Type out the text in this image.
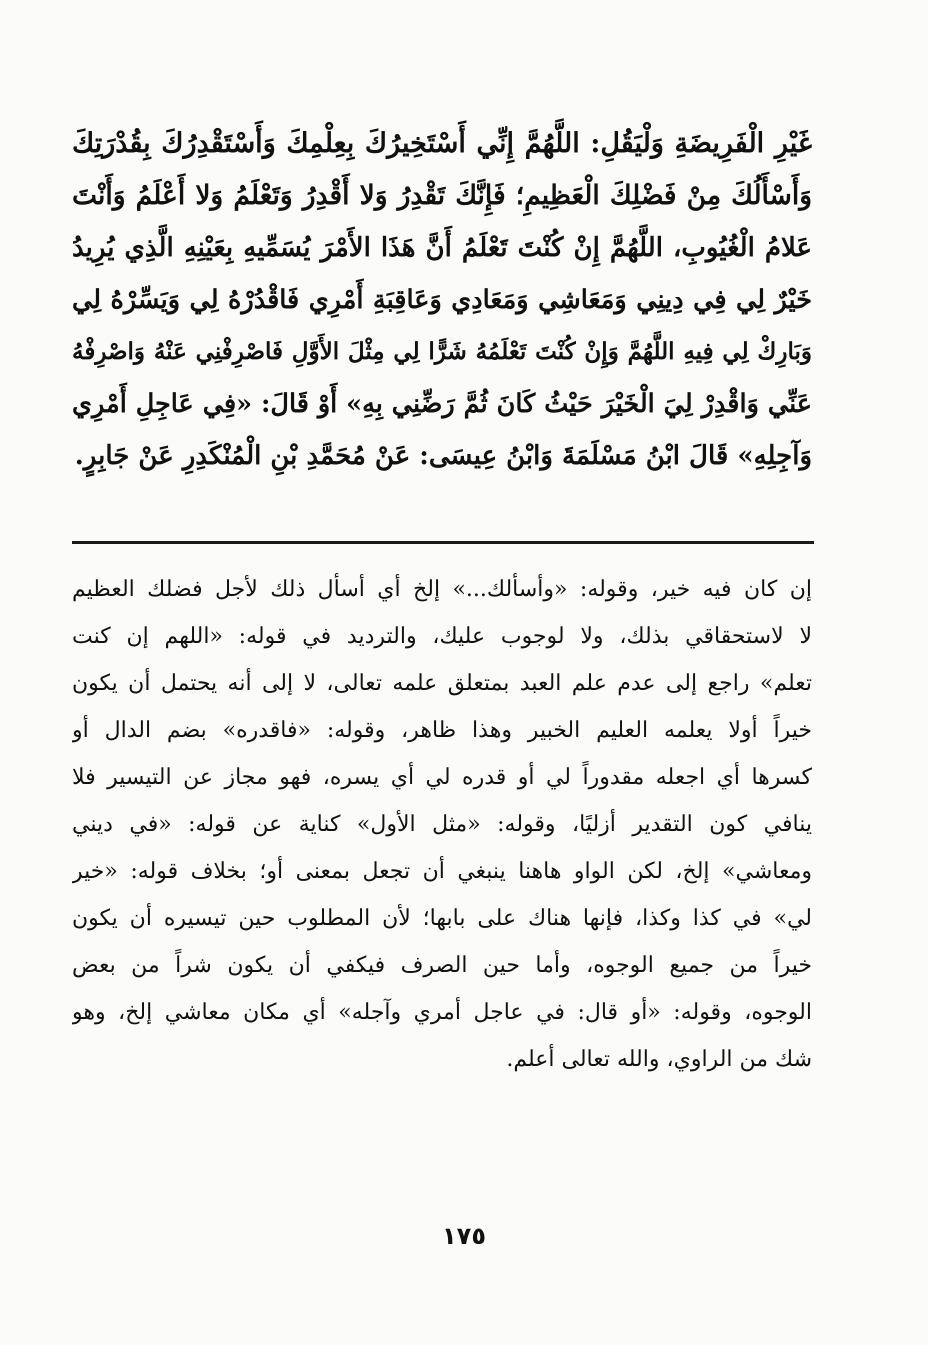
غَيْرِ الْفَرِيضَةِ وَلْيَقُلِ: اللَّهُمَّ إِنِّي أَسْتَخِيرُكَ بِعِلْمِكَ وَأَسْتَقْدِرُكَ بِقُدْرَتِكَ
وَأَسْأَلُكَ مِنْ فَضْلِكَ الْعَظِيمِ؛ فَإِنَّكَ تَقْدِرُ وَلا أَقْدِرُ وَتَعْلَمُ وَلا أَعْلَمُ وَأَنْتَ
عَلامُ الْغُيُوبِ، اللَّهُمَّ إِنْ كُنْتَ تَعْلَمُ أَنَّ هَذَا الأَمْرَ يُسَمِّيهِ بِعَيْنِهِ الَّذِي يُرِيدُ
خَيْرٌ لِي فِي دِينِي وَمَعَاشِي وَمَعَادِي وَعَاقِبَةِ أَمْرِي فَاقْدُرْهُ لِي وَيَسِّرْهُ لِي
وَبَارِكْ لِي فِيهِ اللَّهُمَّ وَإِنْ كُنْتَ تَعْلَمُهُ شَرًّا لِي مِثْلَ الأَوَّلِ فَاصْرِفْنِي عَنْهُ وَاصْرِفْهُ
عَنِّي وَاقْدِرْ لِيَ الْخَيْرَ حَيْثُ كَانَ ثُمَّ رَضِّنِي بِهِ» أَوْ قَالَ: «فِي عَاجِلِ أَمْرِي
وَآجِلِهِ» قَالَ ابْنُ مَسْلَمَةَ وَابْنُ عِيسَى: عَنْ مُحَمَّدِ بْنِ الْمُنْكَدِرِ عَنْ جَابِرٍ.
إن كان فيه خير، وقوله: «وأسألك...» إلخ أي أسأل ذلك لأجل فضلك العظيم
لا لاستحقاقي بذلك، ولا لوجوب عليك، والترديد في قوله: «اللهم إن كنت
تعلم» راجع إلى عدم علم العبد بمتعلق علمه تعالى، لا إلى أنه يحتمل أن يكون
خيراً أولا يعلمه العليم الخبير وهذا ظاهر، وقوله: «فاقدره» بضم الدال أو
كسرها أي اجعله مقدوراً لي أو قدره لي أي يسره، فهو مجاز عن التيسير فلا
ينافي كون التقدير أزليًا، وقوله: «مثل الأول» كناية عن قوله: «في ديني
ومعاشي» إلخ، لكن الواو هاهنا ينبغي أن تجعل بمعنى أو؛ بخلاف قوله: «خير
لي» في كذا وكذا، فإنها هناك على بابها؛ لأن المطلوب حين تيسيره أن يكون
خيراً من جميع الوجوه، وأما حين الصرف فيكفي أن يكون شراً من بعض
الوجوه، وقوله: «أو قال: في عاجل أمري وآجله» أي مكان معاشي إلخ، وهو
شك من الراوي، والله تعالى أعلم.
١٧٥
